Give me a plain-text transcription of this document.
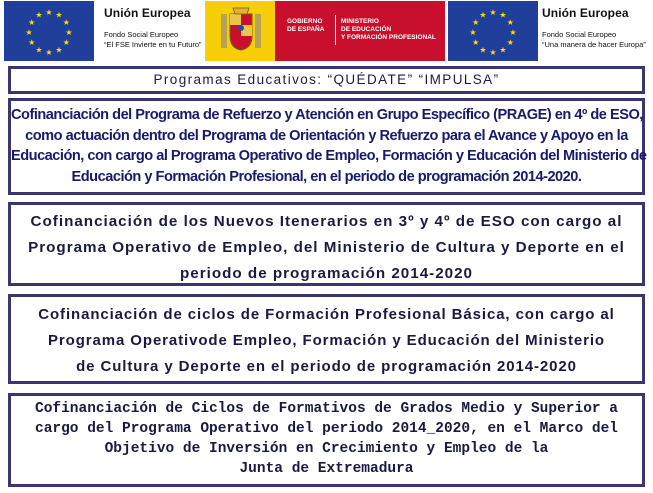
★ ★
★
★
★
★
★
★
★
★
★
★	Unión Europea
Fondo Social Europeo
“El FSE Invierte en tu Futuro”
GOBIERNO
DE ESPAÑA
MINISTERIO
DE EDUCACIÓN
Y FORMACIÓN PROFESIONAL
★ ★
★
★
★
★
★
★
★
★
★
★	Unión Europea
Fondo Social Europeo
“Una manera de hacer Europa”
Programas Educativos: “QUÉDATE” “IMPULSA”
Cofinanciación del Programa de Refuerzo y Atención en Grupo Específico (PRAGE) en 4º de ESO,
como actuación dentro del Programa de Orientación y Refuerzo para el Avance y Apoyo en la
Educación, con cargo al Programa Operativo de Empleo, Formación y Educación del Ministerio de
Educación y Formación Profesional, en el periodo de programación 2014-2020.
Cofinanciación de los Nuevos Itenerarios en 3º y 4º de ESO con cargo al
Programa Operativo de Empleo, del Ministerio de Cultura y Deporte en el
periodo de programación 2014-2020
Cofinanciación de ciclos de Formación Profesional Básica, con cargo al
Programa Operativode Empleo, Formación y Educación del Ministerio
de Cultura y Deporte en el periodo de programación 2014-2020
Cofinanciación de Ciclos de Formativos de Grados Medio y Superior a
cargo del Programa Operativo del periodo 2014_2020, en el Marco del
Objetivo de Inversión en Crecimiento y Empleo de la
Junta de Extremadura
